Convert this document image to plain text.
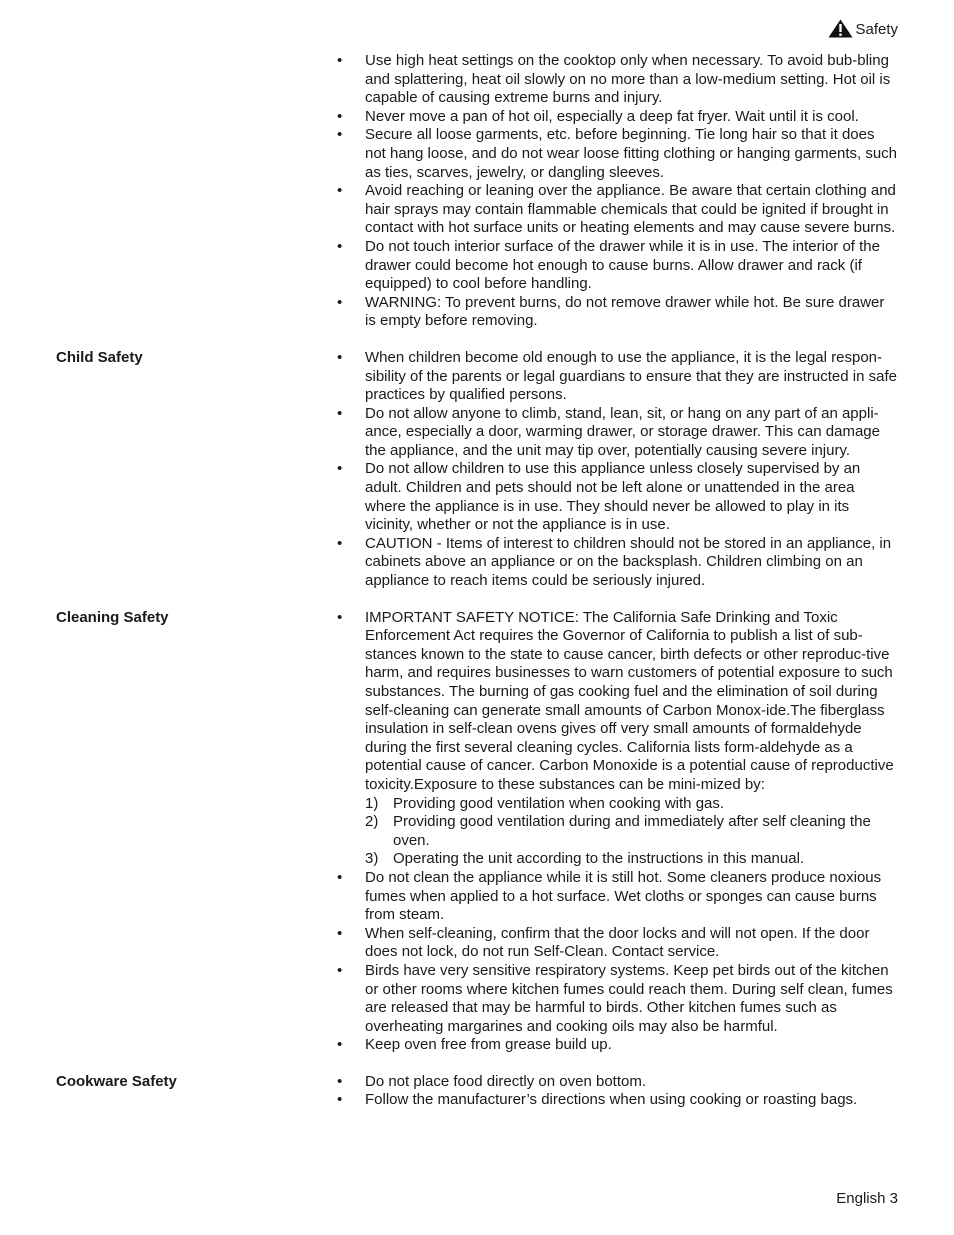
Safety
• Use high heat settings on the cooktop only when necessary. To avoid bub-bling and splattering, heat oil slowly on no more than a low-medium setting. Hot oil is capable of causing extreme burns and injury.
• Never move a pan of hot oil, especially a deep fat fryer. Wait until it is cool.
• Secure all loose garments, etc. before beginning. Tie long hair so that it does not hang loose, and do not wear loose fitting clothing or hanging garments, such as ties, scarves, jewelry, or dangling sleeves.
• Avoid reaching or leaning over the appliance. Be aware that certain clothing and hair sprays may contain flammable chemicals that could be ignited if brought in contact with hot surface units or heating elements and may cause severe burns.
• Do not touch interior surface of the drawer while it is in use. The interior of the drawer could become hot enough to cause burns. Allow drawer and rack (if equipped) to cool before handling.
• WARNING: To prevent burns, do not remove drawer while hot. Be sure drawer is empty before removing.
Child Safety	• When children become old enough to use the appliance, it is the legal respon-sibility of the parents or legal guardians to ensure that they are instructed in safe practices by qualified persons.
• Do not allow anyone to climb, stand, lean, sit, or hang on any part of an appli-ance, especially a door, warming drawer, or storage drawer. This can damage the appliance, and the unit may tip over, potentially causing severe injury.
• Do not allow children to use this appliance unless closely supervised by an adult. Children and pets should not be left alone or unattended in the area where the appliance is in use. They should never be allowed to play in its vicinity, whether or not the appliance is in use.
• CAUTION - Items of interest to children should not be stored in an appliance, in cabinets above an appliance or on the backsplash. Children climbing on an appliance to reach items could be seriously injured.
Cleaning Safety	• IMPORTANT SAFETY NOTICE: The California Safe Drinking and Toxic Enforcement Act requires the Governor of California to publish a list of sub-stances known to the state to cause cancer, birth defects or other reproduc-tive harm, and requires businesses to warn customers of potential exposure to such substances. The burning of gas cooking fuel and the elimination of soil during self-cleaning can generate small amounts of Carbon Monox-ide.The fiberglass insulation in self-clean ovens gives off very small amounts of formaldehyde during the first several cleaning cycles. California lists form-aldehyde as a potential cause of cancer. Carbon Monoxide is a potential cause of reproductive toxicity.Exposure to these substances can be mini-mized by:
1) Providing good ventilation when cooking with gas.
2) Providing good ventilation during and immediately after self cleaning the oven.
3) Operating the unit according to the instructions in this manual.
• Do not clean the appliance while it is still hot. Some cleaners produce noxious fumes when applied to a hot surface. Wet cloths or sponges can cause burns from steam.
• When self-cleaning, confirm that the door locks and will not open. If the door does not lock, do not run Self-Clean. Contact service.
• Birds have very sensitive respiratory systems. Keep pet birds out of the kitchen or other rooms where kitchen fumes could reach them. During self clean, fumes are released that may be harmful to birds. Other kitchen fumes such as overheating margarines and cooking oils may also be harmful.
• Keep oven free from grease build up.
Cookware Safety	• Do not place food directly on oven bottom.
• Follow the manufacturer’s directions when using cooking or roasting bags.
English 3
